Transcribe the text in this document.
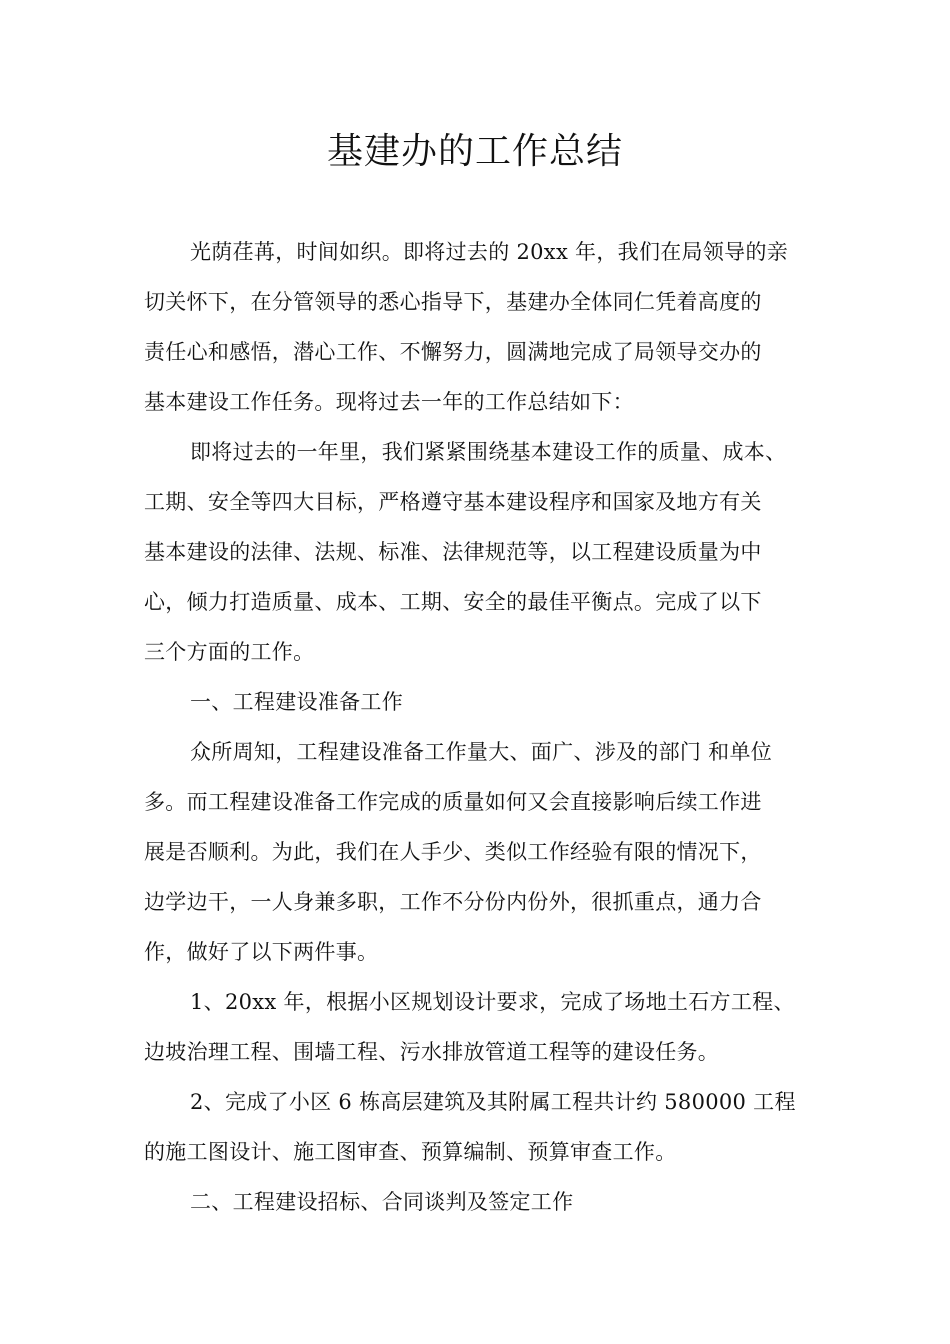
基建办的工作总结
光荫荏苒，时间如织。即将过去的 20xx 年，我们在局领导的亲
切关怀下，在分管领导的悉心指导下，基建办全体同仁凭着高度的
责任心和感悟，潜心工作、不懈努力，圆满地完成了局领导交办的
基本建设工作任务。现将过去一年的工作总结如下：
即将过去的一年里，我们紧紧围绕基本建设工作的质量、成本、
工期、安全等四大目标，严格遵守基本建设程序和国家及地方有关
基本建设的法律、法规、标准、法律规范等，以工程建设质量为中
心，倾力打造质量、成本、工期、安全的最佳平衡点。完成了以下
三个方面的工作。
一、工程建设准备工作
众所周知，工程建设准备工作量大、面广、涉及的部门 和单位
多。而工程建设准备工作完成的质量如何又会直接影响后续工作进
展是否顺利。为此，我们在人手少、类似工作经验有限的情况下，
边学边干，一人身兼多职，工作不分份内份外，很抓重点，通力合
作，做好了以下两件事。
1、20xx 年，根据小区规划设计要求，完成了场地土石方工程、
边坡治理工程、围墙工程、污水排放管道工程等的建设任务。
2、完成了小区 6 栋高层建筑及其附属工程共计约 580000 工程
的施工图设计、施工图审查、预算编制、预算审查工作。
二、工程建设招标、合同谈判及签定工作
